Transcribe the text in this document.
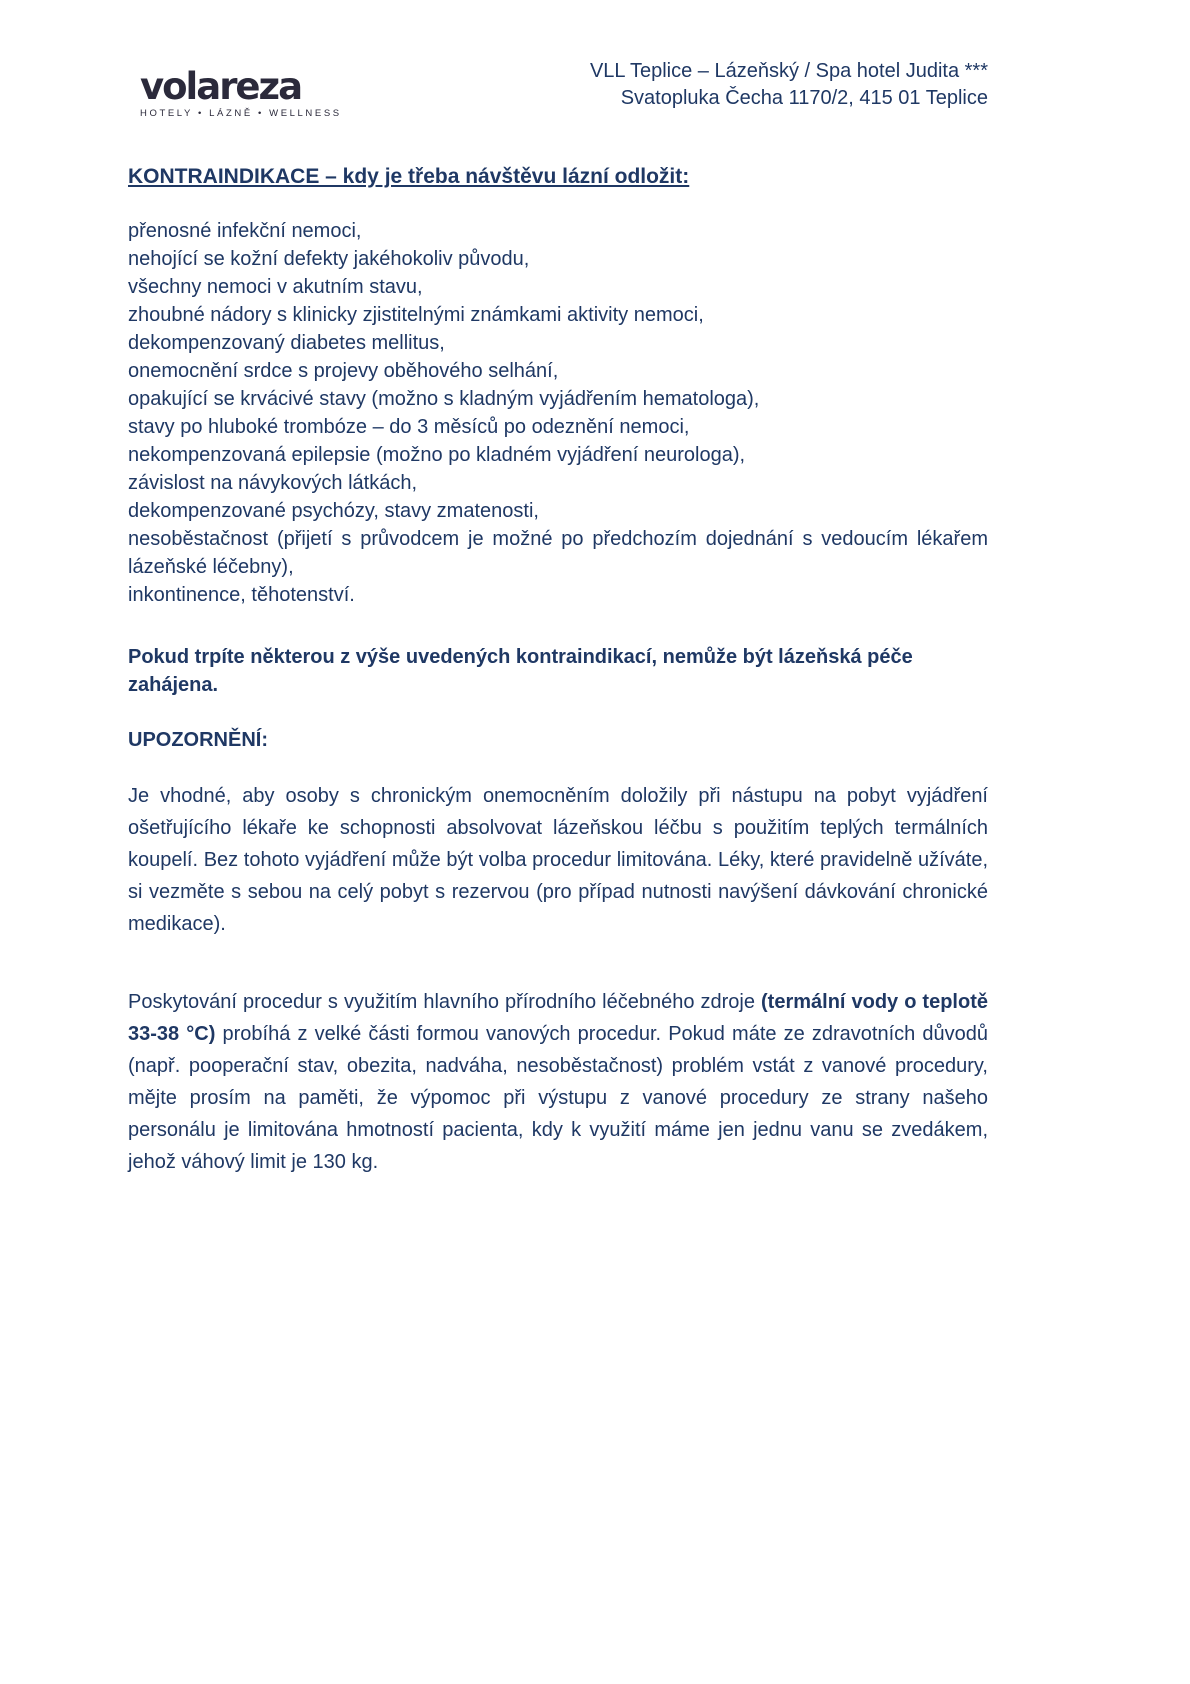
volareza
HOTELY • LÁZNĚ • WELLNESS
VLL Teplice – Lázeňský / Spa hotel Judita ***
Svatopluka Čecha 1170/2, 415 01 Teplice
KONTRAINDIKACE – kdy je třeba návštěvu lázní odložit:
přenosné infekční nemoci,
nehojící se kožní defekty jakéhokoliv původu,
všechny nemoci v akutním stavu,
zhoubné nádory s klinicky zjistitelnými známkami aktivity nemoci,
dekompenzovaný diabetes mellitus,
onemocnění srdce s projevy oběhového selhání,
opakující se krvácivé stavy (možno s kladným vyjádřením hematologa),
stavy po hluboké trombóze – do 3 měsíců po odeznění nemoci,
nekompenzovaná epilepsie (možno po kladném vyjádření neurologa),
závislost na návykových látkách,
dekompenzované psychózy, stavy zmatenosti,
nesoběstačnost (přijetí s průvodcem je možné po předchozím dojednání s vedoucím lékařem lázeňské léčebny),
inkontinence, těhotenství.

Pokud trpíte některou z výše uvedených kontraindikací, nemůže být lázeňská péče zahájena.

UPOZORNĚNÍ:

Je vhodné, aby osoby s chronickým onemocněním doložily při nástupu na pobyt vyjádření ošetřujícího lékaře ke schopnosti absolvovat lázeňskou léčbu s použitím teplých termálních koupelí. Bez tohoto vyjádření může být volba procedur limitována. Léky, které pravidelně užíváte, si vezměte s sebou na celý pobyt s rezervou (pro případ nutnosti navýšení dávkování chronické medikace).

Poskytování procedur s využitím hlavního přírodního léčebného zdroje (termální vody o teplotě 33-38 °C) probíhá z velké části formou vanových procedur. Pokud máte ze zdravotních důvodů (např. pooperační stav, obezita, nadváha, nesoběstačnost) problém vstát z vanové procedury, mějte prosím na paměti, že výpomoc při výstupu z vanové procedury ze strany našeho personálu je limitována hmotností pacienta, kdy k využití máme jen jednu vanu se zvedákem, jehož váhový limit je 130 kg.
